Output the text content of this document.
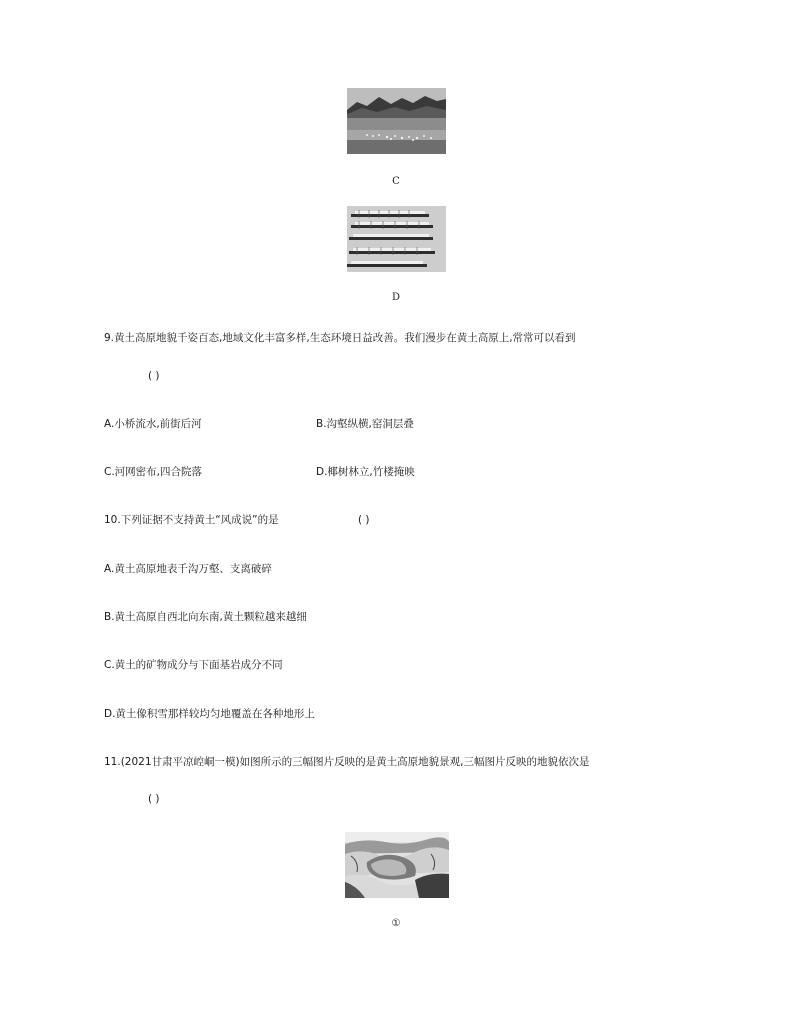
C
D
9.黄土高原地貌千姿百态,地域文化丰富多样,生态环境日益改善。我们漫步在黄土高原上,常常可以看到
( )
A.小桥流水,前街后河	B.沟壑纵横,窑洞层叠
C.河网密布,四合院落	D.椰树林立,竹楼掩映
10.下列证据不支持黄土“风成说”的是	( )
A.黄土高原地表千沟万壑、支离破碎
B.黄土高原自西北向东南,黄土颗粒越来越细
C.黄土的矿物成分与下面基岩成分不同
D.黄土像积雪那样较均匀地覆盖在各种地形上
11.(2021甘肃平凉崆峒一模)如图所示的三幅图片反映的是黄土高原地貌景观,三幅图片反映的地貌依次是
( )
①
